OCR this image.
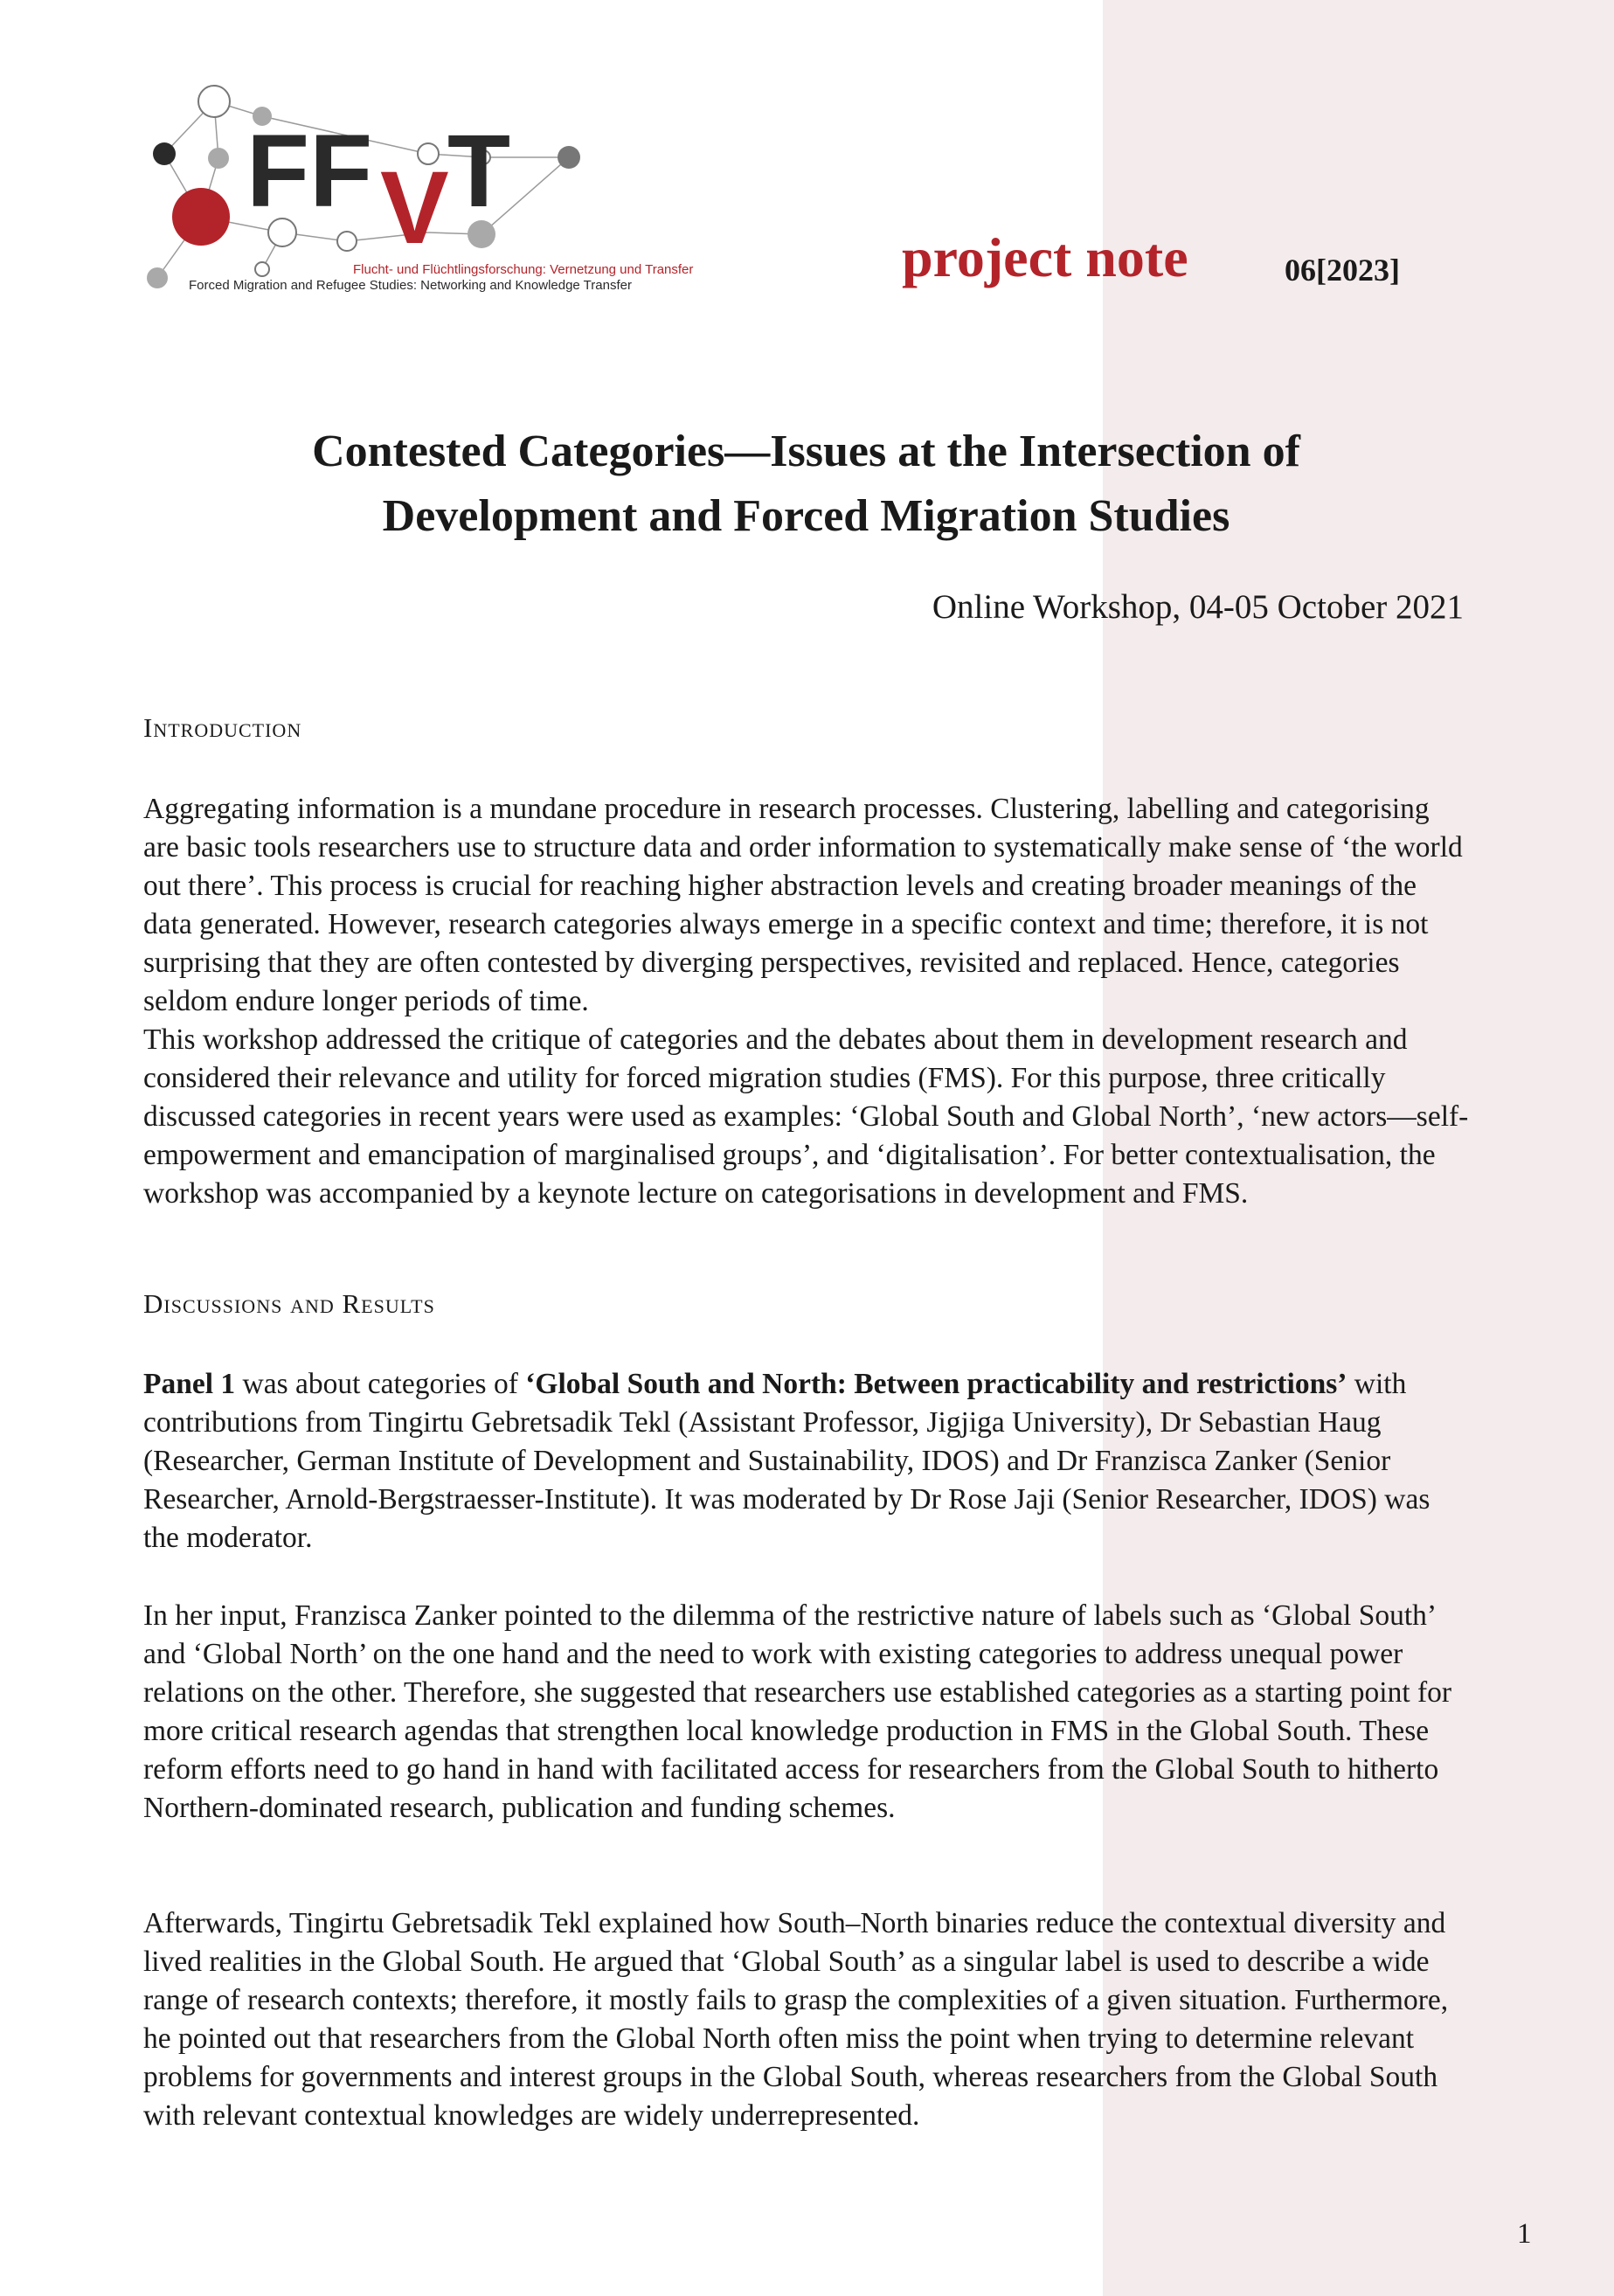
FF V
T
Flucht- und Flüchtlingsforschung: Vernetzung und Transfer
Forced Migration and Refugee Studies: Networking and Knowledge Transfer	project note	06[2023]
Contested Categories—Issues at the Intersection of
Development and Forced Migration Studies
Online Workshop, 04-05 October 2021
Introduction

Aggregating information is a mundane procedure in research processes. Clustering, labelling and categorising are basic tools researchers use to structure data and order information to systematically make sense of ‘the world out there’. This process is crucial for reaching higher abstraction levels and creating broader meanings of the data generated. However, research categories always emerge in a specific context and time; therefore, it is not surprising that they are often contested by diverging perspectives, revisited and replaced. Hence, categories seldom endure longer periods of time.

This workshop addressed the critique of categories and the debates about them in development research and considered their relevance and utility for forced migration studies (FMS). For this purpose, three critically discussed categories in recent years were used as examples: ‘Global South and Global North’, ‘new actors—self-empowerment and emancipation of marginalised groups’, and ‘digitalisation’. For better contextualisation, the workshop was accompanied by a keynote lecture on categorisations in development and FMS.

Discussions and Results

Panel 1 was about categories of ‘Global South and North: Between practicability and restrictions’ with contributions from Tingirtu Gebretsadik Tekl (Assistant Professor, Jigjiga University), Dr Sebastian Haug (Researcher, German Institute of Development and Sustainability, IDOS) and Dr Franzisca Zanker (Senior Researcher, Arnold-Bergstraesser-Institute). It was moderated by Dr Rose Jaji (Senior Researcher, IDOS) was the moderator.

In her input, Franzisca Zanker pointed to the dilemma of the restrictive nature of labels such as ‘Global South’ and ‘Global North’ on the one hand and the need to work with existing categories to address unequal power relations on the other. Therefore, she suggested that researchers use established categories as a starting point for more critical research agendas that strengthen local knowledge production in FMS in the Global South. These reform efforts need to go hand in hand with facilitated access for researchers from the Global South to hitherto Northern-dominated research, publication and funding schemes.

Afterwards, Tingirtu Gebretsadik Tekl explained how South–North binaries reduce the contextual diversity and lived realities in the Global South. He argued that ‘Global South’ as a singular label is used to describe a wide range of research contexts; therefore, it mostly fails to grasp the complexities of a given situation. Furthermore, he pointed out that researchers from the Global North often miss the point when trying to determine relevant problems for governments and interest groups in the Global South, whereas researchers from the Global South with relevant contextual knowledges are widely underrepresented.

1
